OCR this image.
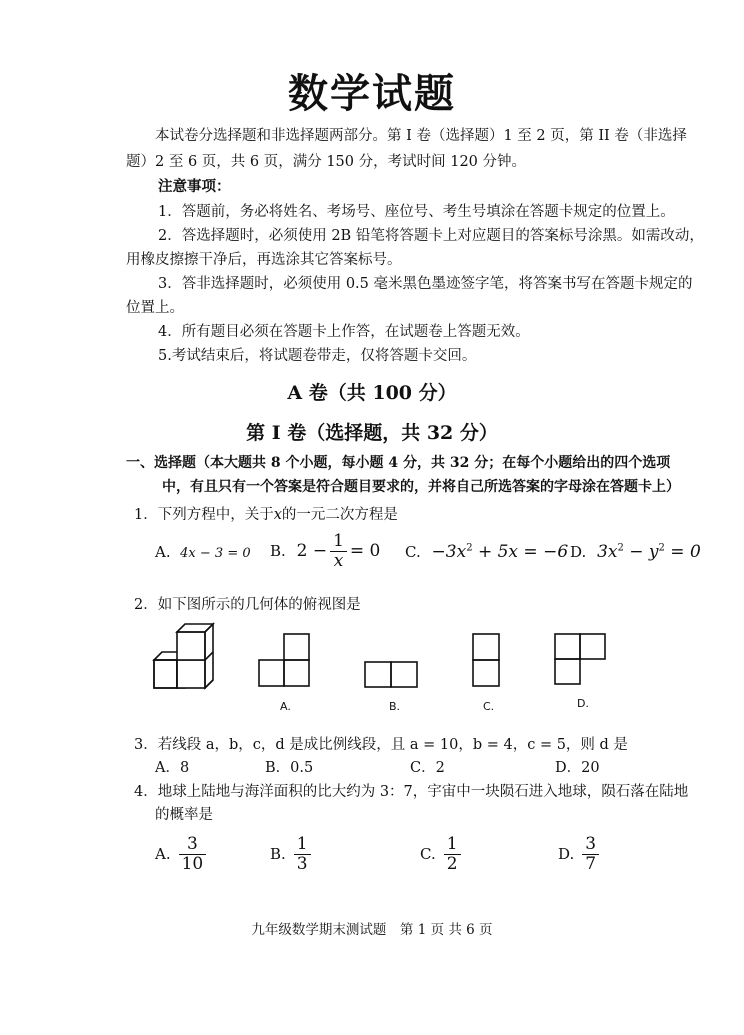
数学试题
本试卷分选择题和非选择题两部分。第 I 卷（选择题）1 至 2 页，第 II 卷（非选择
题）2 至 6 页，共 6 页，满分 150 分，考试时间 120 分钟。
注意事项：
1．答题前，务必将姓名、考场号、座位号、考生号填涂在答题卡规定的位置上。
2．答选择题时，必须使用 2B 铅笔将答题卡上对应题目的答案标号涂黑。如需改动，
用橡皮擦擦干净后，再选涂其它答案标号。
3．答非选择题时，必须使用 0.5 毫米黑色墨迹签字笔，将答案书写在答题卡规定的
位置上。
4．所有题目必须在答题卡上作答，在试题卷上答题无效。
5.考试结束后，将试题卷带走，仅将答题卡交回。
A 卷（共 100 分）
第 I 卷（选择题，共 32 分）
一、选择题（本大题共 8 个小题，每小题 4 分，共 32 分；在每个小题给出的四个选项
中，有且只有一个答案是符合题目要求的，并将自己所选答案的字母涂在答题卡上）
1．下列方程中，关于x的一元二次方程是
A. 4x − 3 = 0 B.
$2 - \frac{1}{x} = 0$ C. $-3x^2 + 5x = -6$ D. $3x^2 - y^2 = 0$
2．如下图所示的几何体的俯视图是
A.	B.	C.	D.
3．若线段 a，b，c，d 是成比例线段，且 a = 10，b = 4，c = 5，则 d 是
A．8	B．0.5	C．2	D．20
4．地球上陆地与海洋面积的比大约为 3：7，宇宙中一块陨石进入地球，陨石落在陆地
的概率是
A. $\frac{3}{10}$	B. $\frac{1}{3}$	C. $\frac{1}{2}$	D. $\frac{3}{7}$
九年级数学期末测试题　第 1 页 共 6 页
